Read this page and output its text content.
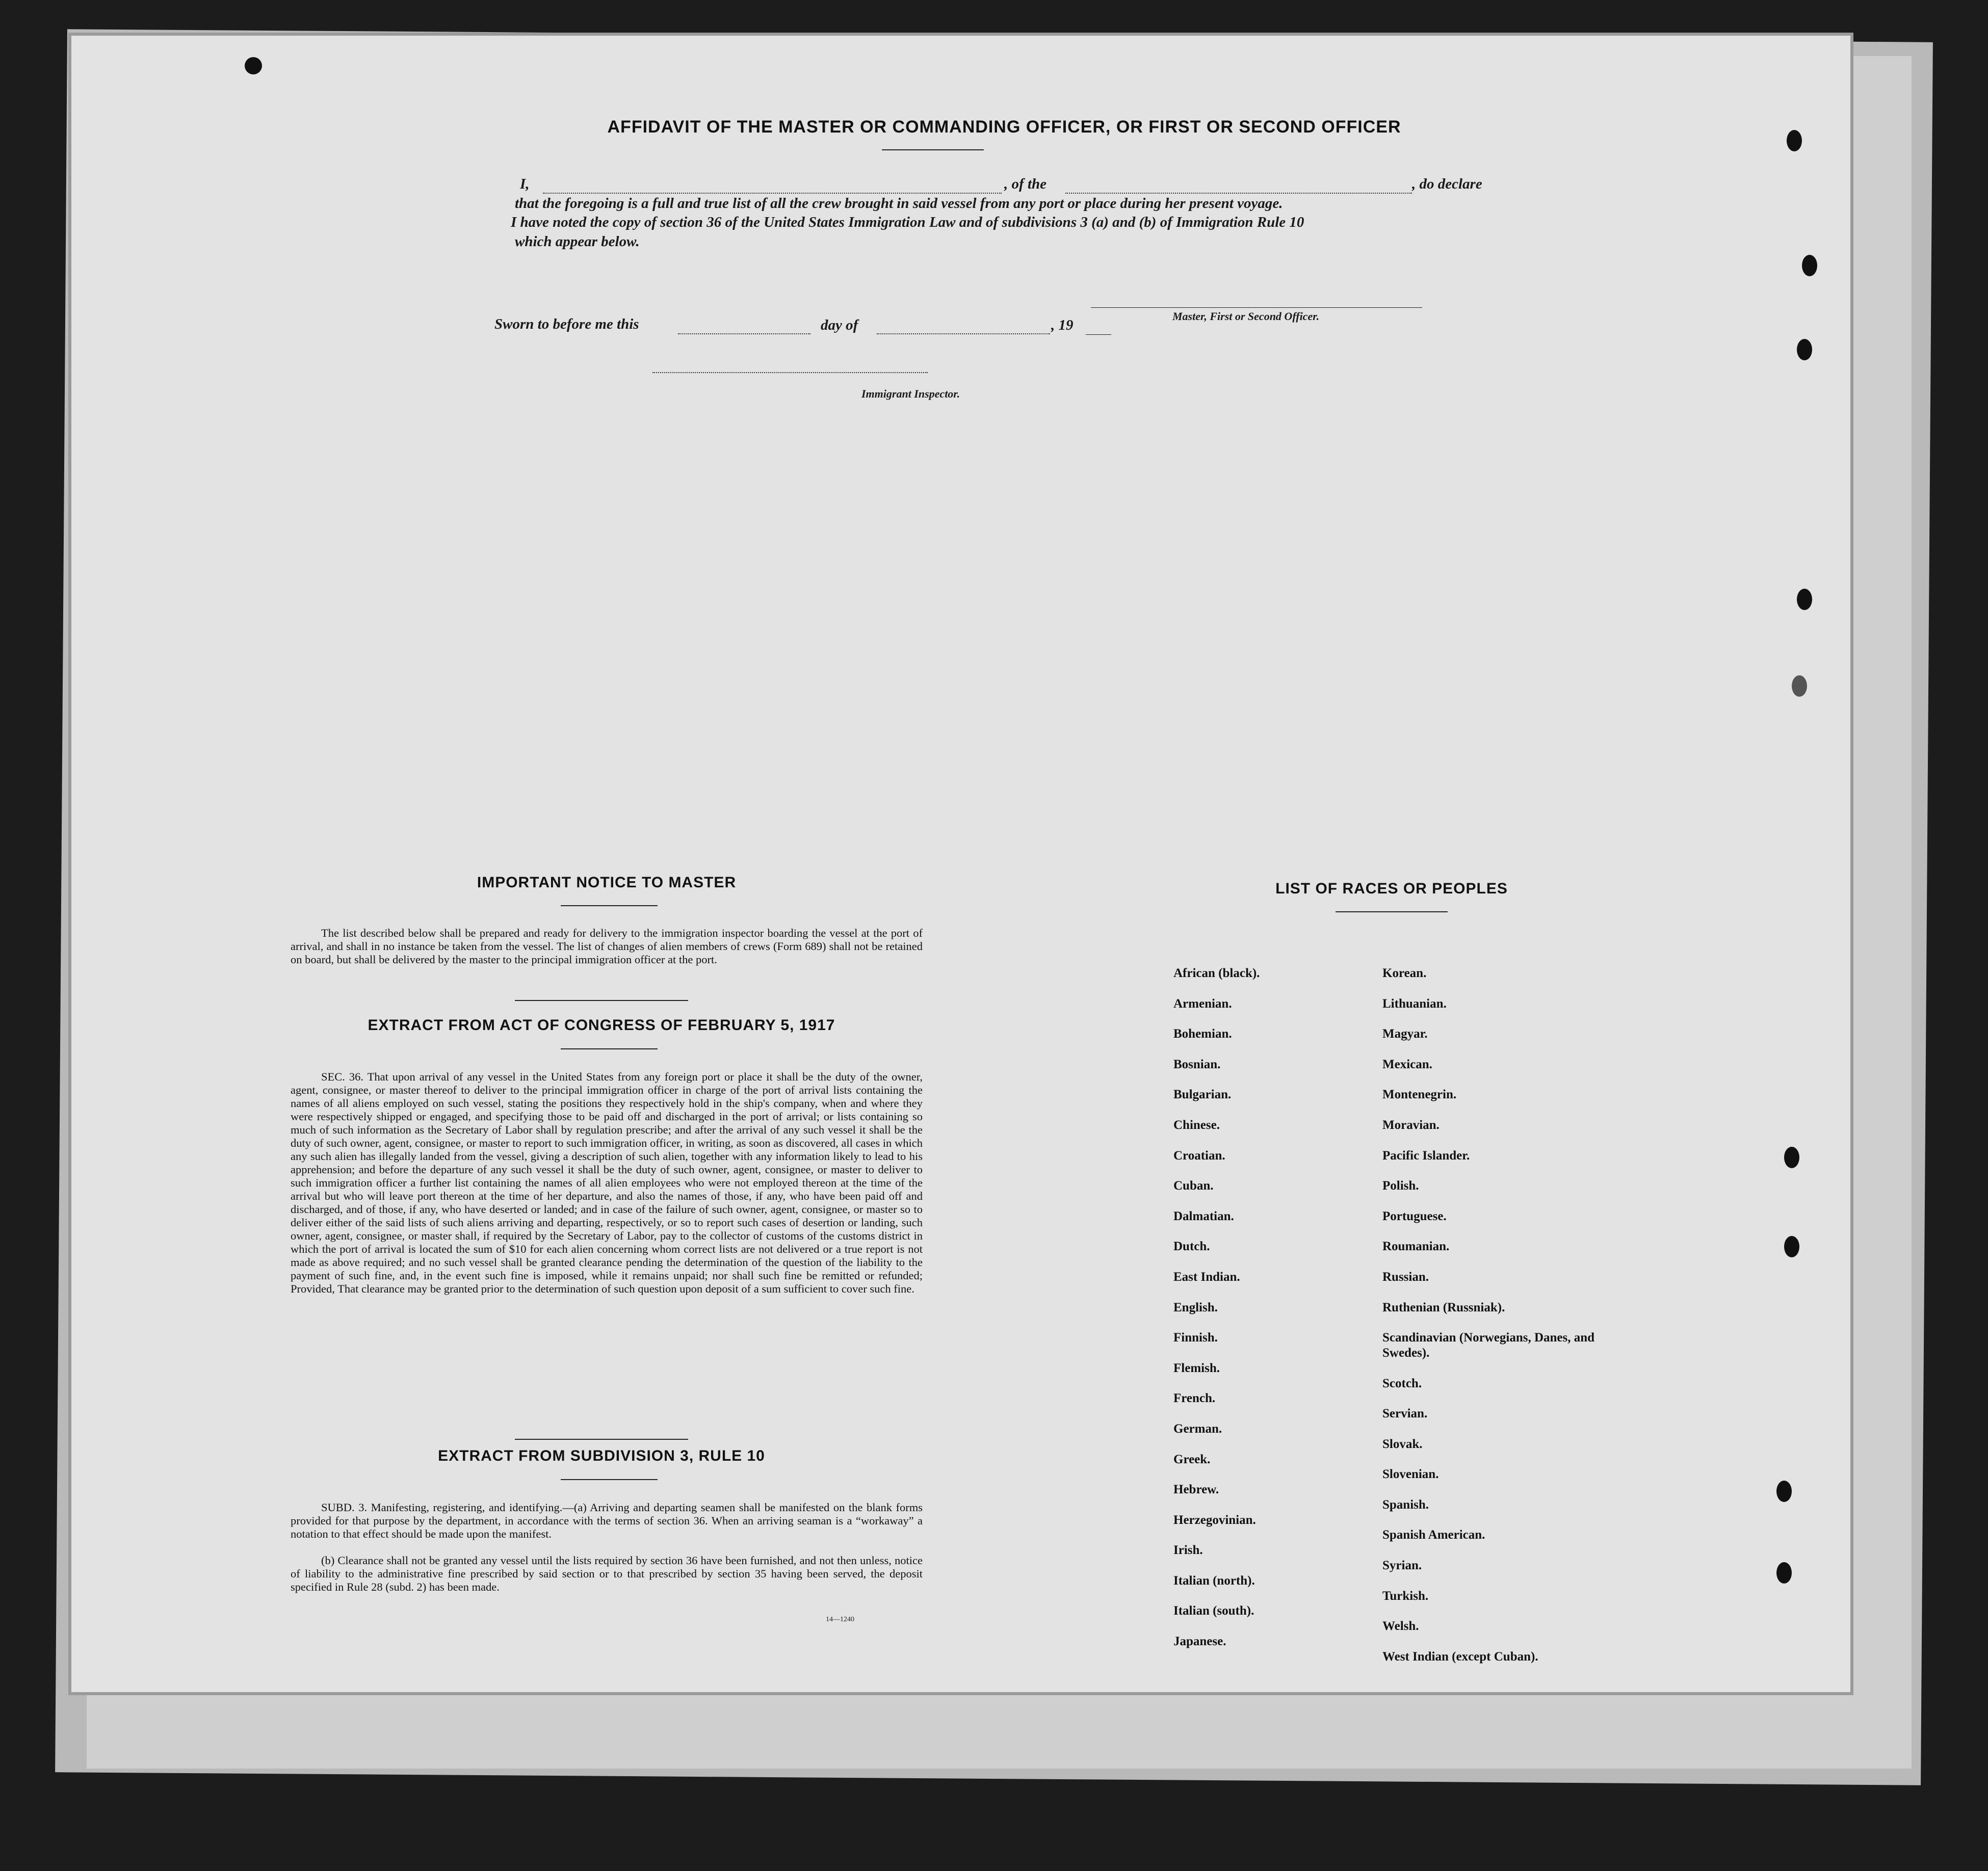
AFFIDAVIT OF THE MASTER OR COMMANDING OFFICER, OR FIRST OR SECOND OFFICER
I,	, of the	, do declare
that the foregoing is a full and true list of all the crew brought in said vessel from any port or place during her present voyage.
I have noted the copy of section 36 of the United States Immigration Law and of subdivisions 3 (a) and (b) of Immigration Rule 10
which appear below.
Master, First or Second Officer.
Sworn to before me this	day of	, 19
Immigrant Inspector.
IMPORTANT NOTICE TO MASTER
The list described below shall be prepared and ready for delivery to the immigration inspector boarding the vessel at the port of arrival, and shall in no instance be taken from the vessel. The list of changes of alien members of crews (Form 689) shall not be retained on board, but shall be delivered by the master to the principal immigration officer at the port.
EXTRACT FROM ACT OF CONGRESS OF FEBRUARY 5, 1917
SEC. 36. That upon arrival of any vessel in the United States from any foreign port or place it shall be the duty of the owner, agent, consignee, or master thereof to deliver to the principal immigration officer in charge of the port of arrival lists containing the names of all aliens employed on such vessel, stating the positions they respectively hold in the ship's company, when and where they were respectively shipped or engaged, and specifying those to be paid off and discharged in the port of arrival; or lists containing so much of such information as the Secretary of Labor shall by regulation prescribe; and after the arrival of any such vessel it shall be the duty of such owner, agent, consignee, or master to report to such immigration officer, in writing, as soon as discovered, all cases in which any such alien has illegally landed from the vessel, giving a description of such alien, together with any information likely to lead to his apprehension; and before the departure of any such vessel it shall be the duty of such owner, agent, consignee, or master to deliver to such immigration officer a further list containing the names of all alien employees who were not employed thereon at the time of the arrival but who will leave port thereon at the time of her departure, and also the names of those, if any, who have been paid off and discharged, and of those, if any, who have deserted or landed; and in case of the failure of such owner, agent, consignee, or master so to deliver either of the said lists of such aliens arriving and departing, respectively, or so to report such cases of desertion or landing, such owner, agent, consignee, or master shall, if required by the Secretary of Labor, pay to the collector of customs of the customs district in which the port of arrival is located the sum of $10 for each alien concerning whom correct lists are not delivered or a true report is not made as above required; and no such vessel shall be granted clearance pending the determination of the question of the liability to the payment of such fine, and, in the event such fine is imposed, while it remains unpaid; nor shall such fine be remitted or refunded; Provided, That clearance may be granted prior to the determination of such question upon deposit of a sum sufficient to cover such fine.
EXTRACT FROM SUBDIVISION 3, RULE 10
SUBD. 3. Manifesting, registering, and identifying.—(a) Arriving and departing seamen shall be manifested on the blank forms provided for that purpose by the department, in accordance with the terms of section 36. When an arriving seaman is a “workaway” a notation to that effect should be made upon the manifest.
(b) Clearance shall not be granted any vessel until the lists required by section 36 have been furnished, and not then unless, notice of liability to the administrative fine prescribed by said section or to that prescribed by section 35 having been served, the deposit specified in Rule 28 (subd. 2) has been made.
14—1240
LIST OF RACES OR PEOPLES
African (black).
Armenian.
Bohemian.
Bosnian.
Bulgarian.
Chinese.
Croatian.
Cuban.
Dalmatian.
Dutch.
East Indian.
English.
Finnish.
Flemish.
French.
German.
Greek.
Hebrew.
Herzegovinian.
Irish.
Italian (north).
Italian (south).
Japanese.
Korean.
Lithuanian.
Magyar.
Mexican.
Montenegrin.
Moravian.
Pacific Islander.
Polish.
Portuguese.
Roumanian.
Russian.
Ruthenian (Russniak).
Scandinavian (Norwegians, Danes, and Swedes).
Scotch.
Servian.
Slovak.
Slovenian.
Spanish.
Spanish American.
Syrian.
Turkish.
Welsh.
West Indian (except Cuban).
